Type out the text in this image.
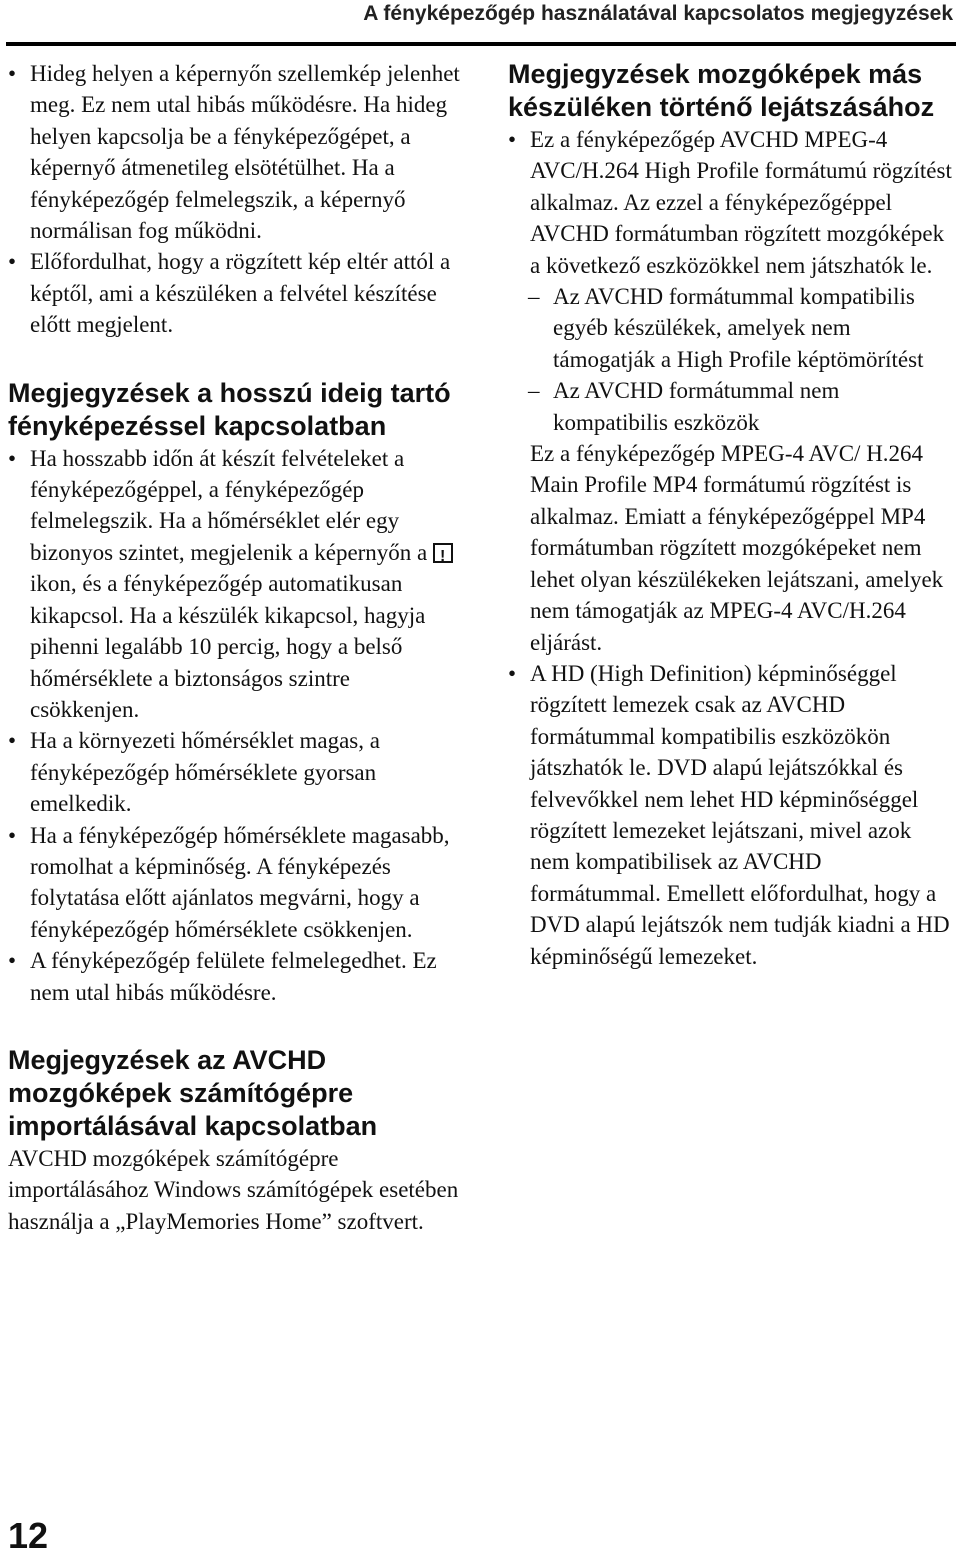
A fényképezőgép használatával kapcsolatos megjegyzések

• Hideg helyen a képernyőn szellemkép jelenhet meg. Ez nem utal hibás működésre. Ha hideg helyen kapcsolja be a fényképezőgépet, a képernyő átmenetileg elsötétülhet. Ha a fényképezőgép felmelegszik, a képernyő normálisan fog működni.

• Előfordulhat, hogy a rögzített kép eltér attól a képtől, ami a készüléken a felvétel készítése előtt megjelent.

Megjegyzések a hosszú ideig tartó fényképezéssel kapcsolatban

• Ha hosszabb időn át készít felvételeket a fényképezőgéppel, a fényképezőgép felmelegszik. Ha a hőmérséklet elér egy bizonyos szintet, megjelenik a képernyőn a ! ikon, és a fényképezőgép automatikusan kikapcsol. Ha a készülék kikapcsol, hagyja pihenni legalább 10 percig, hogy a belső hőmérséklete a biztonságos szintre csökkenjen.

• Ha a környezeti hőmérséklet magas, a fényképezőgép hőmérséklete gyorsan emelkedik.

• Ha a fényképezőgép hőmérséklete magasabb, romolhat a képminőség. A fényképezés folytatása előtt ajánlatos megvárni, hogy a fényképezőgép hőmérséklete csökkenjen.

• A fényképezőgép felülete felmelegedhet. Ez nem utal hibás működésre.

Megjegyzések az AVCHD mozgóképek számítógépre importálásával kapcsolatban

AVCHD mozgóképek számítógépre importálásához Windows számítógépek esetében használja a „PlayMemories Home” szoftvert.

Megjegyzések mozgóképek más készüléken történő lejátszásához

• Ez a fényképezőgép AVCHD MPEG-4 AVC/H.264 High Profile formátumú rögzítést alkalmaz. Az ezzel a fényképezőgéppel AVCHD formátumban rögzített mozgóképek a következő eszközökkel nem játszhatók le.

– Az AVCHD formátummal kompatibilis egyéb készülékek, amelyek nem támogatják a High Profile képtömörítést

– Az AVCHD formátummal nem kompatibilis eszközök

Ez a fényképezőgép MPEG-4 AVC/ H.264 Main Profile MP4 formátumú rögzítést is alkalmaz. Emiatt a fényképezőgéppel MP4 formátumban rögzített mozgóképeket nem lehet olyan készülékeken lejátszani, amelyek nem támogatják az MPEG-4 AVC/H.264 eljárást.

• A HD (High Definition) képminőséggel rögzített lemezek csak az AVCHD formátummal kompatibilis eszközökön játszhatók le. DVD alapú lejátszókkal és felvevőkkel nem lehet HD képminőséggel rögzített lemezeket lejátszani, mivel azok nem kompatibilisek az AVCHD formátummal. Emellett előfordulhat, hogy a DVD alapú lejátszók nem tudják kiadni a HD képminőségű lemezeket.

12
